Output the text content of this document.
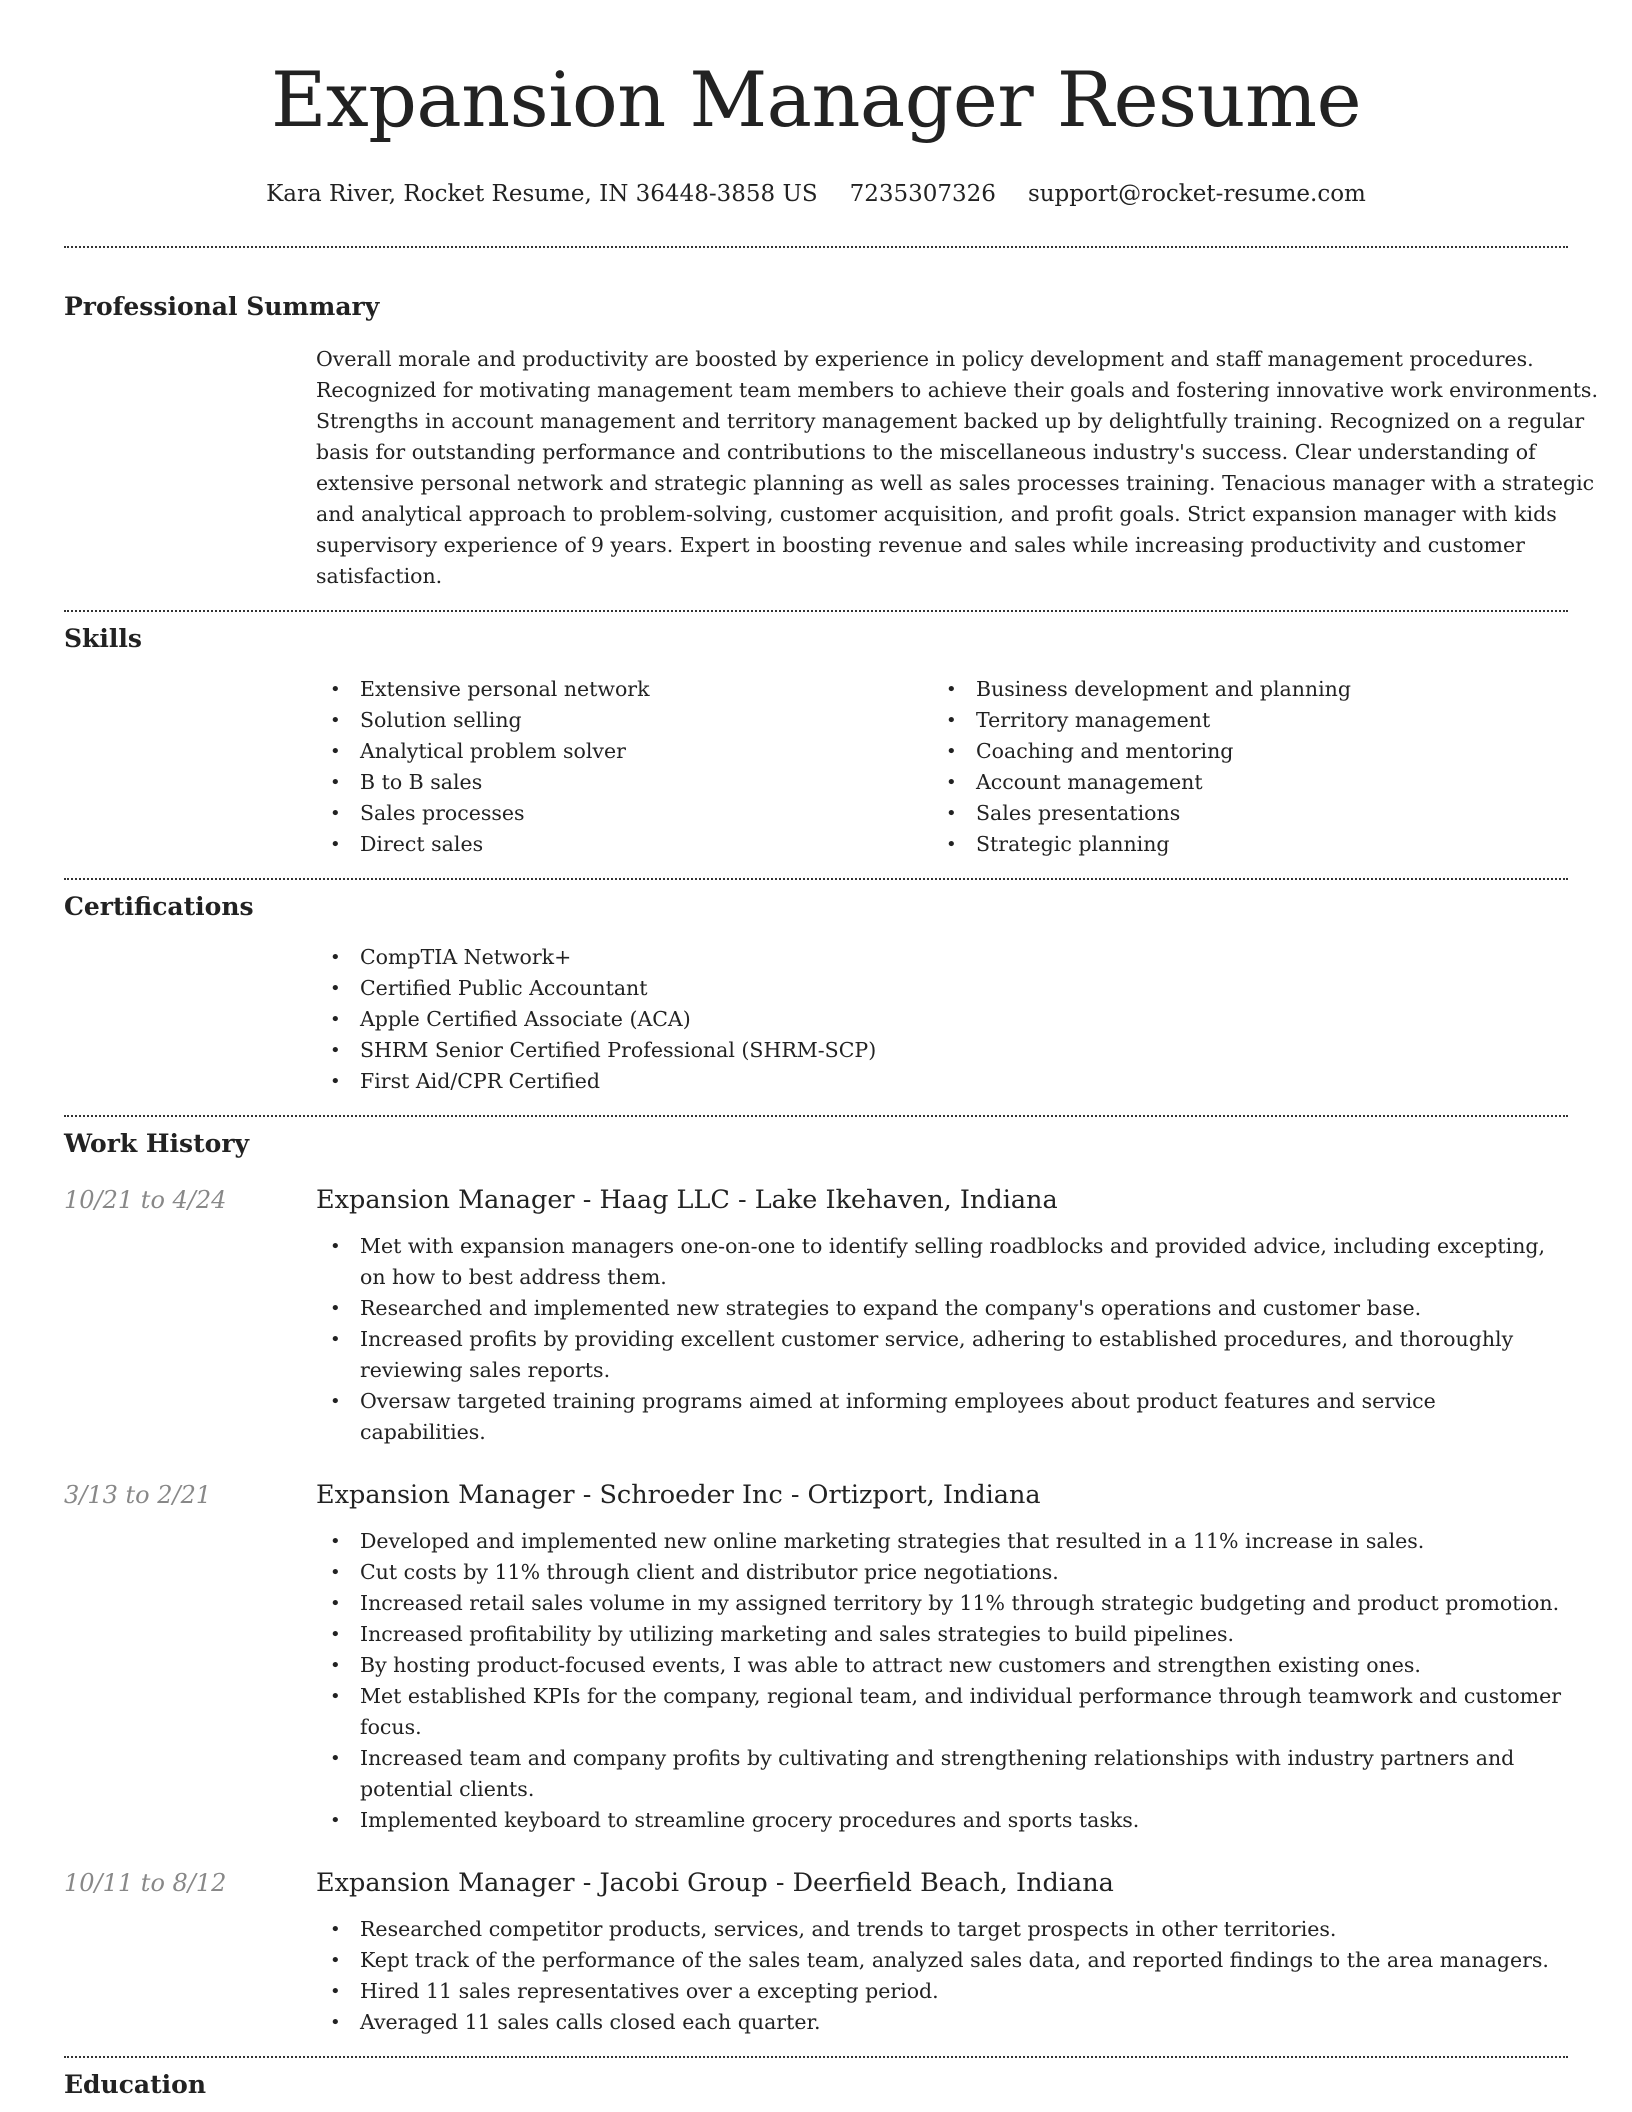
Expansion Manager Resume
Kara River, Rocket Resume, IN 36448-3858 US 7235307326 support@rocket-resume.com
Professional Summary

Overall morale and productivity are boosted by experience in policy development and staff management procedures. Recognized for motivating management team members to achieve their goals and fostering innovative work environments. Strengths in account management and territory management backed up by delightfully training. Recognized on a regular basis for outstanding performance and contributions to the miscellaneous industry's success. Clear understanding of extensive personal network and strategic planning as well as sales processes training. Tenacious manager with a strategic and analytical approach to problem-solving, customer acquisition, and profit goals. Strict expansion manager with kids supervisory experience of 9 years. Expert in boosting revenue and sales while increasing productivity and customer satisfaction.

Skills
• Extensive personal network
• Solution selling
• Analytical problem solver
• B to B sales
• Sales processes
• Direct sales
• Business development and planning
• Territory management
• Coaching and mentoring
• Account management
• Sales presentations
• Strategic planning
Certifications
• CompTIA Network+
• Certified Public Accountant
• Apple Certified Associate (ACA)
• SHRM Senior Certified Professional (SHRM-SCP)
• First Aid/CPR Certified
Work History
10/21 to 4/24	Expansion Manager - Haag LLC - Lake Ikehaven, Indiana
• Met with expansion managers one-on-one to identify selling roadblocks and provided advice, including excepting, on how to best address them.
• Researched and implemented new strategies to expand the company's operations and customer base.
• Increased profits by providing excellent customer service, adhering to established procedures, and thoroughly reviewing sales reports.
• Oversaw targeted training programs aimed at informing employees about product features and service capabilities.
3/13 to 2/21	Expansion Manager - Schroeder Inc - Ortizport, Indiana
• Developed and implemented new online marketing strategies that resulted in a 11% increase in sales.
• Cut costs by 11% through client and distributor price negotiations.
• Increased retail sales volume in my assigned territory by 11% through strategic budgeting and product promotion.
• Increased profitability by utilizing marketing and sales strategies to build pipelines.
• By hosting product-focused events, I was able to attract new customers and strengthen existing ones.
• Met established KPIs for the company, regional team, and individual performance through teamwork and customer focus.
• Increased team and company profits by cultivating and strengthening relationships with industry partners and potential clients.
• Implemented keyboard to streamline grocery procedures and sports tasks.
10/11 to 8/12	Expansion Manager - Jacobi Group - Deerfield Beach, Indiana
• Researched competitor products, services, and trends to target prospects in other territories.
• Kept track of the performance of the sales team, analyzed sales data, and reported findings to the area managers.
• Hired 11 sales representatives over a excepting period.
• Averaged 11 sales calls closed each quarter.
Education
